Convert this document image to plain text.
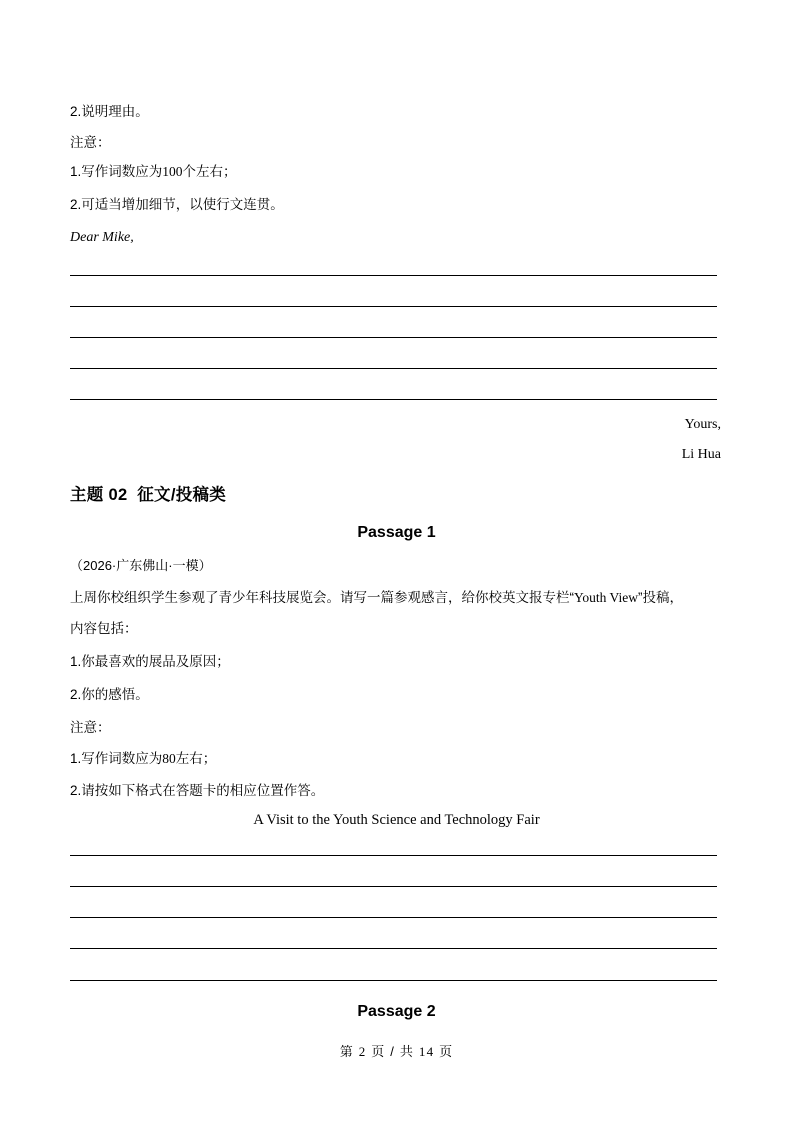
2.说明理由。
注意：
1.写作词数应为100个左右；
2.可适当增加细节，以使行文连贯。
Dear Mike,
Yours,
Li Hua
主题 02 征文/投稿类
Passage 1
（2026·广东佛山·一模）
上周你校组织学生参观了青少年科技展览会。请写一篇参观感言，给你校英文报专栏“Youth View”投稿，
内容包括：
1.你最喜欢的展品及原因；
2.你的感悟。
注意：
1.写作词数应为80左右；
2.请按如下格式在答题卡的相应位置作答。
A Visit to the Youth Science and Technology Fair
Passage 2
第 2 页 / 共 14 页
